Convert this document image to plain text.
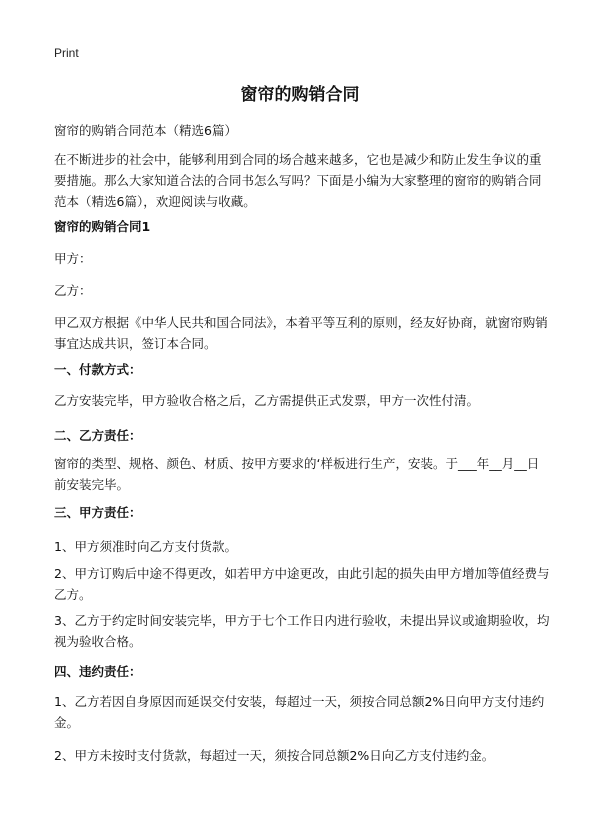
Print
窗帘的购销合同
窗帘的购销合同范本（精选6篇）
在不断进步的社会中，能够利用到合同的场合越来越多，它也是减少和防止发生争议的重要措施。那么大家知道合法的合同书怎么写吗？下面是小编为大家整理的窗帘的购销合同范本（精选6篇），欢迎阅读与收藏。
窗帘的购销合同1
甲方：
乙方：
甲乙双方根据《中华人民共和国合同法》，本着平等互利的原则，经友好协商，就窗帘购销事宜达成共识，签订本合同。
一、付款方式：
乙方安装完毕，甲方验收合格之后，乙方需提供正式发票，甲方一次性付清。
二、乙方责任：
窗帘的类型、规格、颜色、材质、按甲方要求的‘样板进行生产，安装。于___年__月__日前安装完毕。
三、甲方责任：
1、甲方须准时向乙方支付货款。
2、甲方订购后中途不得更改，如若甲方中途更改，由此引起的损失由甲方增加等值经费与乙方。
3、乙方于约定时间安装完毕，甲方于七个工作日内进行验收，未提出异议或逾期验收，均视为验收合格。
四、违约责任：
1、乙方若因自身原因而延误交付安装，每超过一天，须按合同总额2%日向甲方支付违约金。
2、甲方未按时支付货款，每超过一天，须按合同总额2%日向乙方支付违约金。
